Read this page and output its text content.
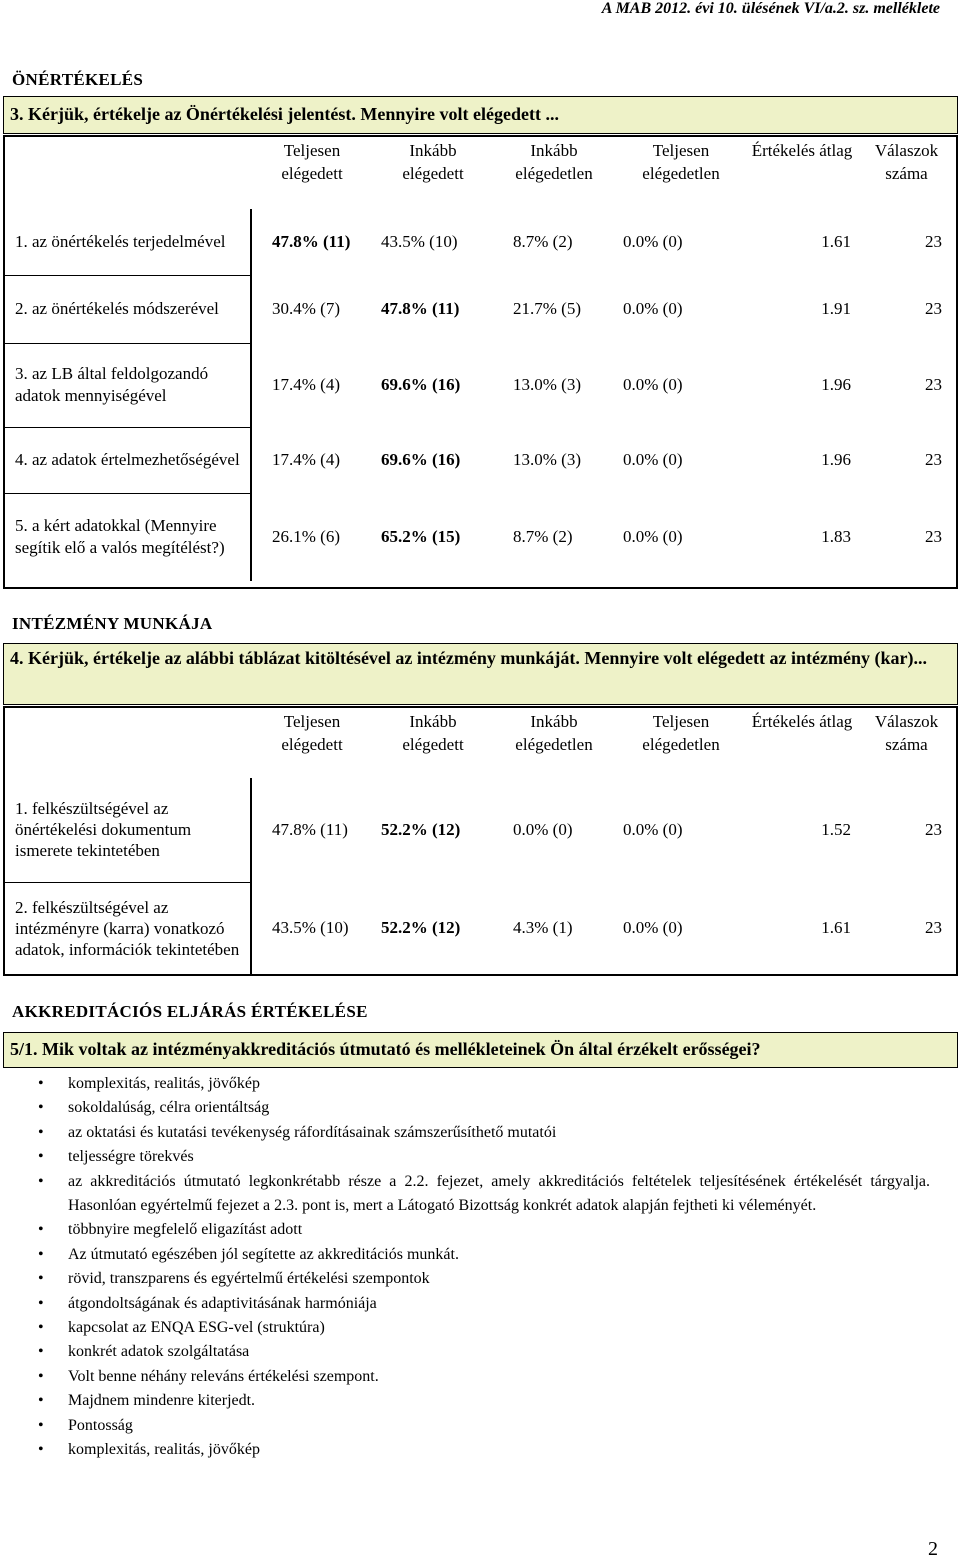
A MAB 2012. évi 10. ülésének VI/a.2. sz. melléklete
ÖNÉRTÉKELÉS
3. Kérjük, értékelje az Önértékelési jelentést. Mennyire volt elégedett ...
	Teljesen elégedett	Inkább elégedett	Inkább elégedetlen	Teljesen elégedetlen	Értékelés átlag	Válaszok száma
1. az önértékelés terjedelmével	47.8% (11)	43.5% (10)	8.7% (2)	0.0% (0)	1.61	23
2. az önértékelés módszerével	30.4% (7)	47.8% (11)	21.7% (5)	0.0% (0)	1.91	23
3. az LB által feldolgozandó adatok mennyiségével	17.4% (4)	69.6% (16)	13.0% (3)	0.0% (0)	1.96	23
4. az adatok értelmezhetőségével	17.4% (4)	69.6% (16)	13.0% (3)	0.0% (0)	1.96	23
5. a kért adatokkal (Mennyire segítik elő a valós megítélést?)	26.1% (6)	65.2% (15)	8.7% (2)	0.0% (0)	1.83	23
INTÉZMÉNY MUNKÁJA
4. Kérjük, értékelje az alábbi táblázat kitöltésével az intézmény munkáját. Mennyire volt elégedett az intézmény (kar)...
	Teljesen elégedett	Inkább elégedett	Inkább elégedetlen	Teljesen elégedetlen	Értékelés átlag	Válaszok száma
1. felkészültségével az önértékelési dokumentum ismerete tekintetében	47.8% (11)	52.2% (12)	0.0% (0)	0.0% (0)	1.52	23
2. felkészültségével az intézményre (karra) vonatkozó adatok, információk tekintetében	43.5% (10)	52.2% (12)	4.3% (1)	0.0% (0)	1.61	23
AKKREDITÁCIÓS ELJÁRÁS ÉRTÉKELÉSE
5/1. Mik voltak az intézményakkreditációs útmutató és mellékleteinek Ön által érzékelt erősségei?
• komplexitás, realitás, jövőkép
• sokoldalúság, célra orientáltság
• az oktatási és kutatási tevékenység ráfordításainak számszerűsíthető mutatói
• teljességre törekvés
• az akkreditációs útmutató legkonkrétabb része a 2.2. fejezet, amely akkreditációs feltételek teljesítésének értékelését tárgyalja. Hasonlóan egyértelmű fejezet a 2.3. pont is, mert a Látogató Bizottság konkrét adatok alapján fejtheti ki véleményét.
• többnyire megfelelő eligazítást adott
• Az útmutató egészében jól segítette az akkreditációs munkát.
• rövid, transzparens és egyértelmű értékelési szempontok
• átgondoltságának és adaptivitásának harmóniája
• kapcsolat az ENQA ESG-vel (struktúra)
• konkrét adatok szolgáltatása
• Volt benne néhány releváns értékelési szempont.
• Majdnem mindenre kiterjedt.
• Pontosság
• komplexitás, realitás, jövőkép
2
